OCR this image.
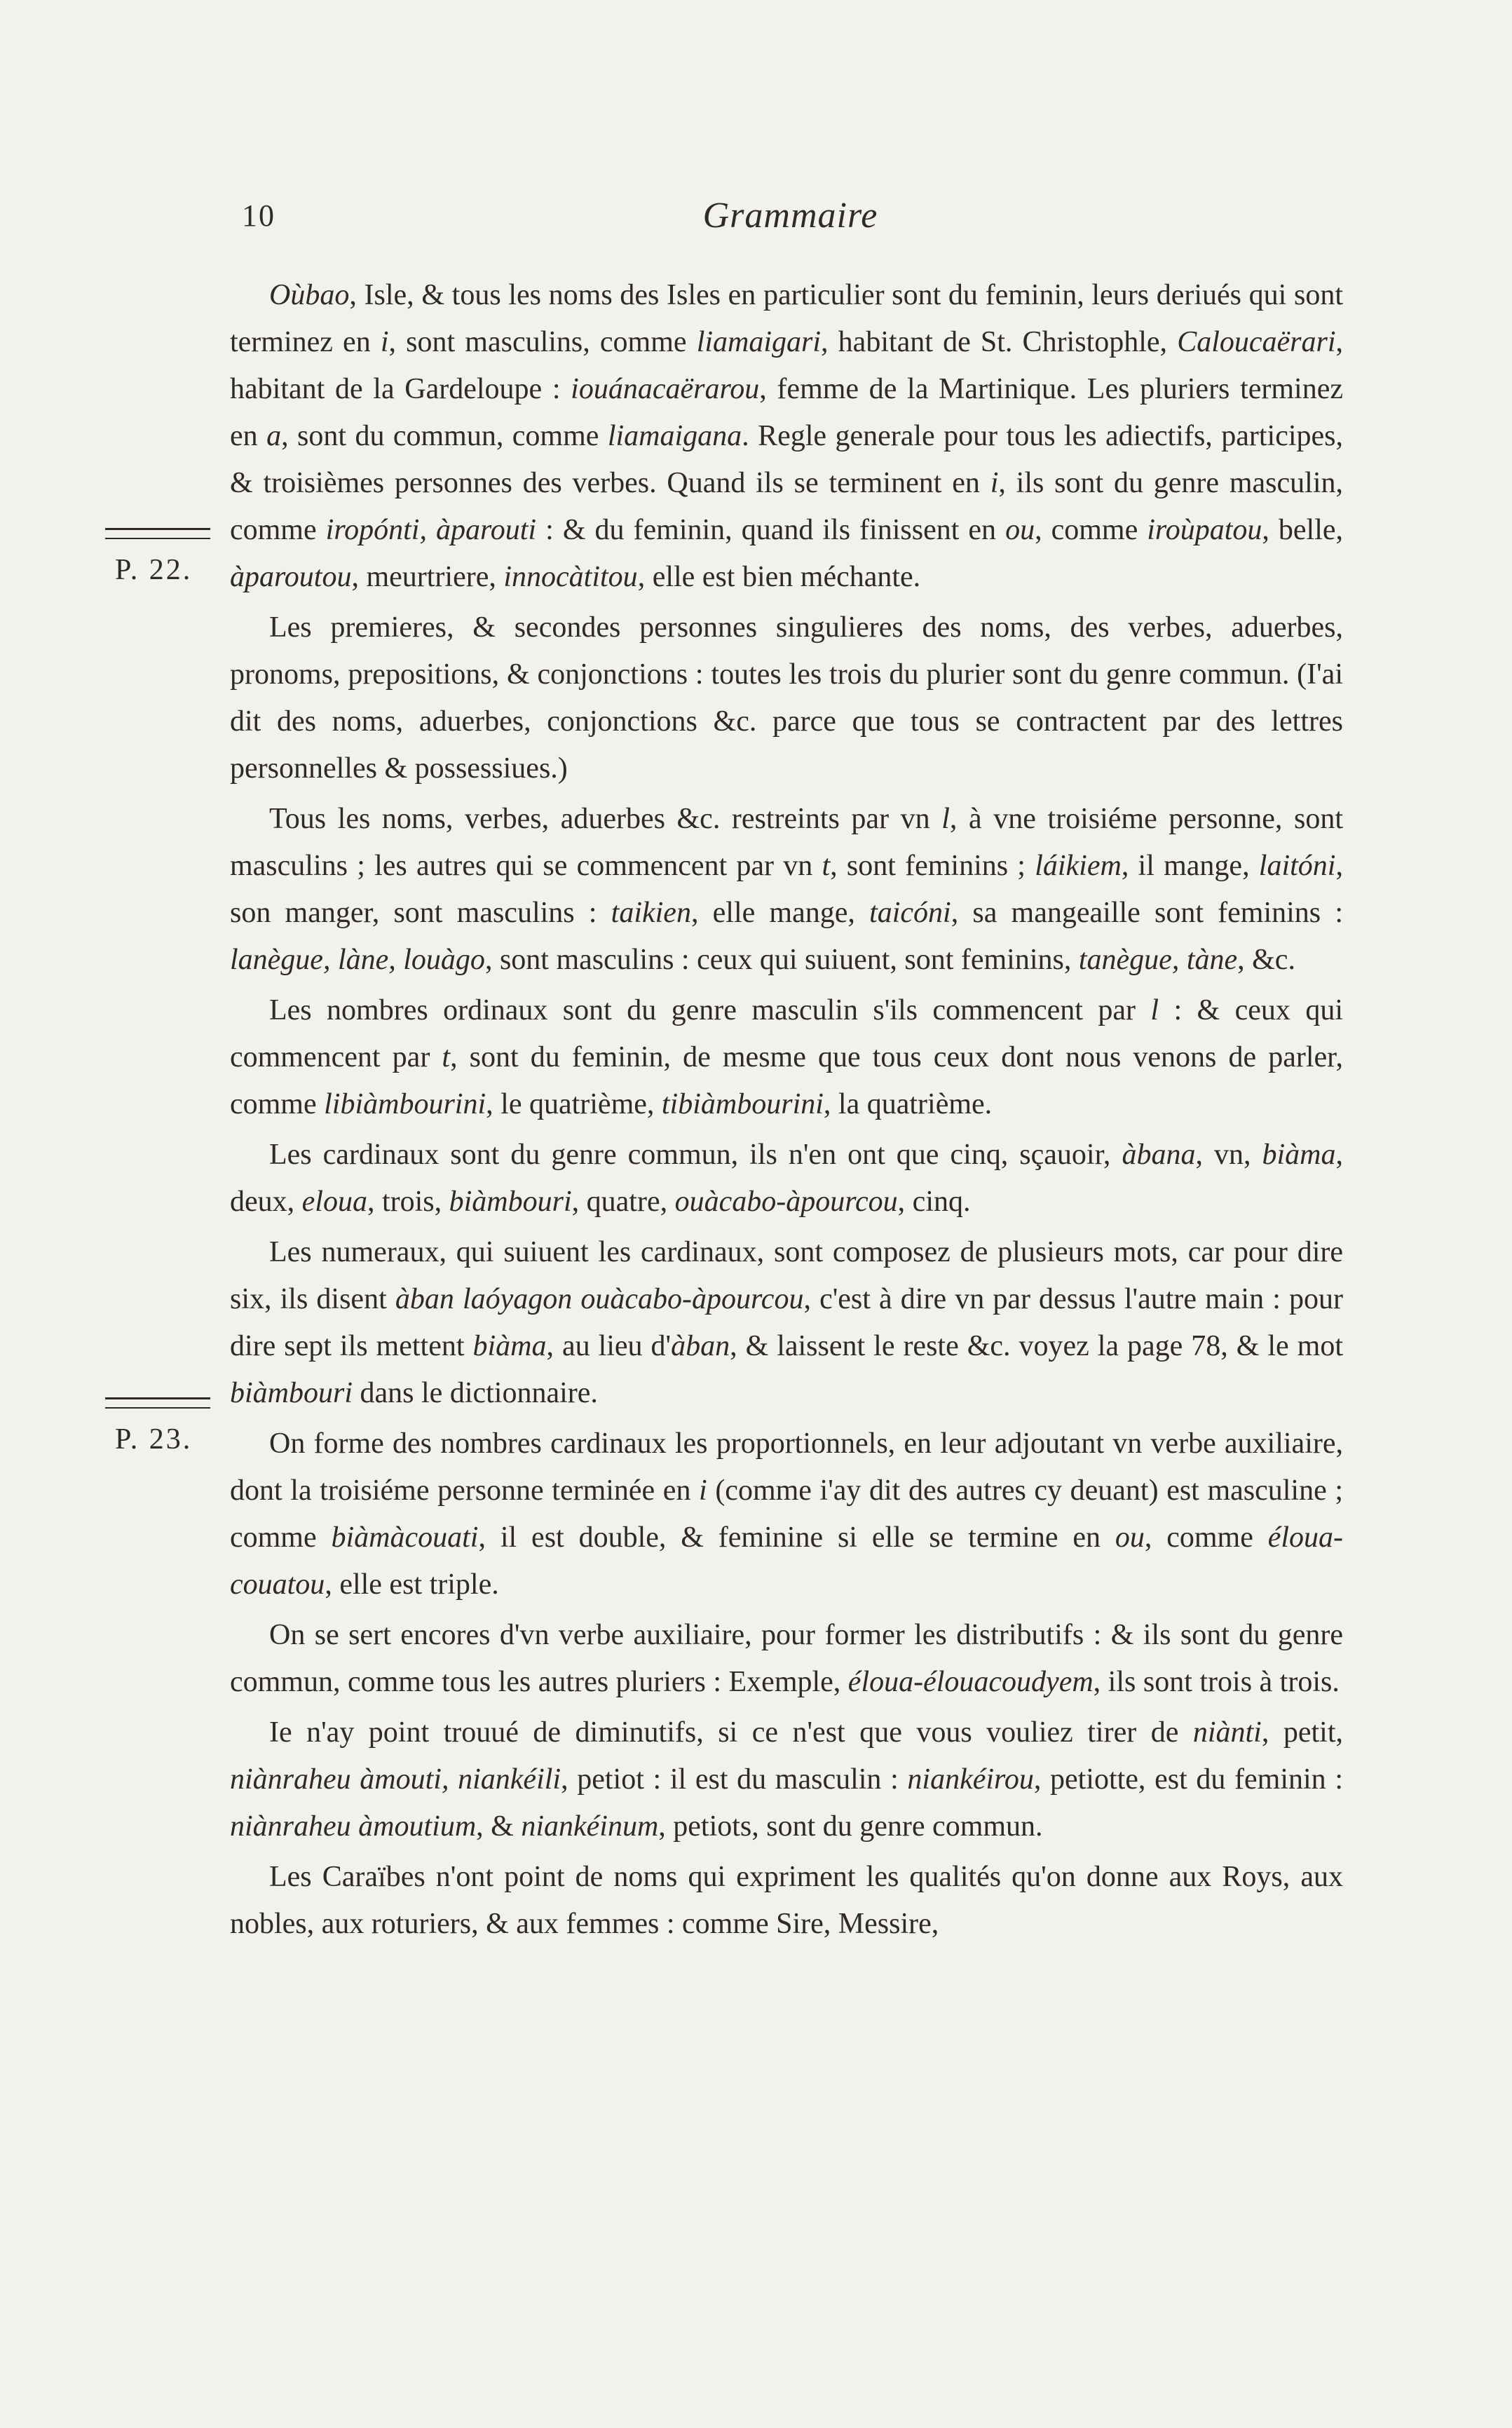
10	Grammaire
P. 22.
P. 23.

Oùbao, Isle, & tous les noms des Isles en particulier sont du feminin, leurs deriués qui sont terminez en i, sont masculins, comme liamaigari, habitant de St. Christophle, Caloucaërari, habitant de la Gardeloupe : iouánacaërarou, femme de la Martinique. Les pluriers terminez en a, sont du commun, comme liamaigana. Regle generale pour tous les adiectifs, participes, & troisièmes personnes des verbes. Quand ils se terminent en i, ils sont du genre masculin, comme iropónti, àparouti : & du feminin, quand ils finissent en ou, comme iroùpatou, belle, àparoutou, meurtriere, innocàtitou, elle est bien méchante.

Les premieres, & secondes personnes singulieres des noms, des verbes, aduerbes, pronoms, prepositions, & conjonctions : toutes les trois du plurier sont du genre commun. (I'ai dit des noms, aduerbes, conjonctions &c. parce que tous se contractent par des lettres personnelles & possessiues.)

Tous les noms, verbes, aduerbes &c. restreints par vn l, à vne troisiéme personne, sont masculins ; les autres qui se commencent par vn t, sont feminins ; láikiem, il mange, laitóni, son manger, sont masculins : taikien, elle mange, taicóni, sa mangeaille sont feminins : lanègue, làne, louàgo, sont masculins : ceux qui suiuent, sont feminins, tanègue, tàne, &c.

Les nombres ordinaux sont du genre masculin s'ils commencent par l : & ceux qui commencent par t, sont du feminin, de mesme que tous ceux dont nous venons de parler, comme libiàmbourini, le quatrième, tibiàmbourini, la quatrième.

Les cardinaux sont du genre commun, ils n'en ont que cinq, sçauoir, àbana, vn, biàma, deux, eloua, trois, biàmbouri, quatre, ouàcabo-àpourcou, cinq.

Les numeraux, qui suiuent les cardinaux, sont composez de plusieurs mots, car pour dire six, ils disent àban laóyagon ouàcabo-àpourcou, c'est à dire vn par dessus l'autre main : pour dire sept ils mettent biàma, au lieu d'àban, & laissent le reste &c. voyez la page 78, & le mot biàmbouri dans le dictionnaire.

On forme des nombres cardinaux les proportionnels, en leur adjoutant vn verbe auxiliaire, dont la troisiéme personne terminée en i (comme i'ay dit des autres cy deuant) est masculine ; comme biàmàcouati, il est double, & feminine si elle se termine en ou, comme éloua-couatou, elle est triple.

On se sert encores d'vn verbe auxiliaire, pour former les distributifs : & ils sont du genre commun, comme tous les autres pluriers : Exemple, éloua-élouacoudyem, ils sont trois à trois.

Ie n'ay point trouué de diminutifs, si ce n'est que vous vouliez tirer de niànti, petit, niànraheu àmouti, niankéili, petiot : il est du masculin : niankéirou, petiotte, est du feminin : niànraheu àmoutium, & niankéinum, petiots, sont du genre commun.

Les Caraïbes n'ont point de noms qui expriment les qualités qu'on donne aux Roys, aux nobles, aux roturiers, & aux femmes : comme Sire, Messire,
